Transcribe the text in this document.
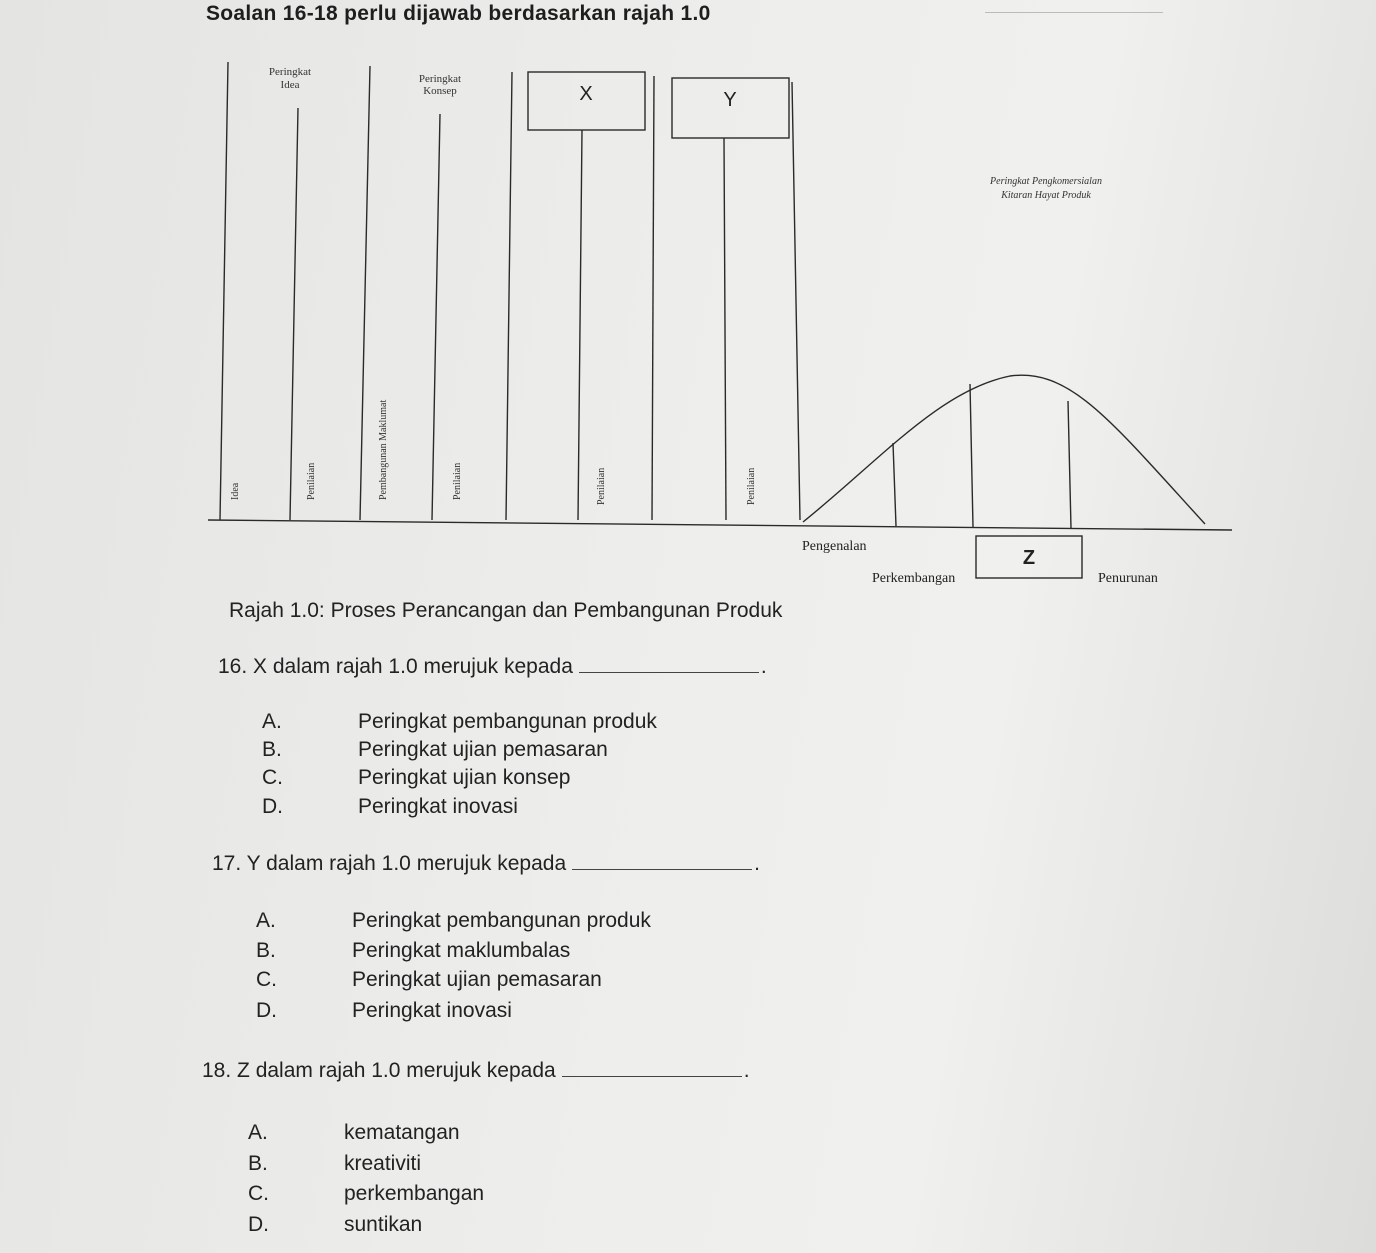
Soalan 16-18 perlu dijawab berdasarkan rajah 1.0
X	Y
Z
Peringkat
Idea	Peringkat
Konsep
Peringkat Pengkomersialan
Kitaran Hayat Produk
Idea	Penilaian	Pembangunan Maklumat	Penilaian	Penilaian	Penilaian
Pengenalan
Perkembangan	Penurunan
Rajah 1.0: Proses Perancangan dan Pembangunan Produk
16. X dalam rajah 1.0 merujuk kepada	.
A.	Peringkat pembangunan produk
B.	Peringkat ujian pemasaran
C.	Peringkat ujian konsep
D.	Peringkat inovasi
17. Y dalam rajah 1.0 merujuk kepada	.
A.	Peringkat pembangunan produk
B.	Peringkat maklumbalas
C.	Peringkat ujian pemasaran
D.	Peringkat inovasi
18. Z dalam rajah 1.0 merujuk kepada	.
A.	kematangan
B.	kreativiti
C.	perkembangan
D.	suntikan
